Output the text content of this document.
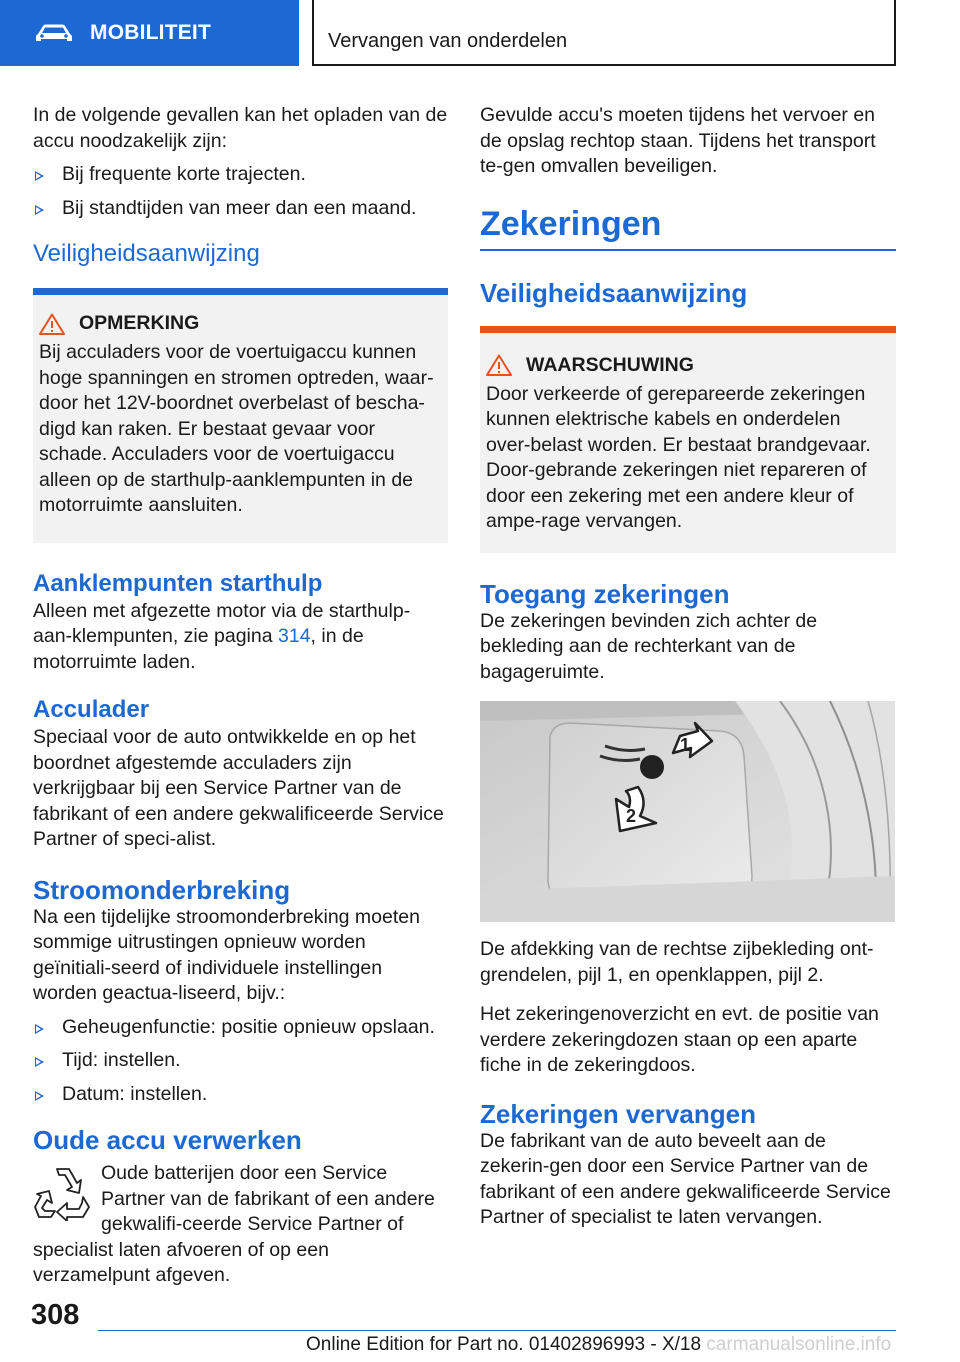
MOBILITEIT	Vervangen van onderdelen

In de volgende gevallen kan het opladen van de accu noodzakelijk zijn:

Bij frequente korte trajecten.
Bij standtijden van meer dan een maand.
Veiligheidsaanwijzing
OPMERKING

Bij acculaders voor de voertuigaccu kunnen hoge spanningen en stromen optreden, waar-door het 12V-boordnet overbelast of bescha-digd kan raken. Er bestaat gevaar voor schade. Acculaders voor de voertuigaccu alleen op de starthulp-aanklempunten in de motorruimte aansluiten.

Aanklempunten starthulp

Alleen met afgezette motor via de starthulp-aan-klempunten, zie pagina 314, in de motorruimte laden.

Acculader

Speciaal voor de auto ontwikkelde en op het boordnet afgestemde acculaders zijn verkrijgbaar bij een Service Partner van de fabrikant of een andere gekwalificeerde Service Partner of speci-alist.

Stroomonderbreking

Na een tijdelijke stroomonderbreking moeten sommige uitrustingen opnieuw worden geïnitiali-seerd of individuele instellingen worden geactua-liseerd, bijv.:

Geheugenfunctie: positie opnieuw opslaan.
Tijd: instellen.
Datum: instellen.
Oude accu verwerken

Oude batterijen door een Service Partner van de fabrikant of een andere gekwalifi-ceerde Service Partner of specialist laten afvoeren of op een verzamelpunt afgeven.

Gevulde accu's moeten tijdens het vervoer en de opslag rechtop staan. Tijdens het transport te-gen omvallen beveiligen.

Zekeringen
Veiligheidsaanwijzing
WAARSCHUWING

Door verkeerde of gerepareerde zekeringen kunnen elektrische kabels en onderdelen over-belast worden. Er bestaat brandgevaar. Door-gebrande zekeringen niet repareren of door een zekering met een andere kleur of ampe-rage vervangen.

Toegang zekeringen

De zekeringen bevinden zich achter de bekleding aan de rechterkant van de bagageruimte.

1
2

De afdekking van de rechtse zijbekleding ont-grendelen, pijl 1, en openklappen, pijl 2.

Het zekeringenoverzicht en evt. de positie van verdere zekeringdozen staan op een aparte fiche in de zekeringdoos.

Zekeringen vervangen

De fabrikant van de auto beveelt aan de zekerin-gen door een Service Partner van de fabrikant of een andere gekwalificeerde Service Partner of specialist te laten vervangen.

308
Online Edition for Part no. 01402896993 - X/18 carmanualsonline.info
